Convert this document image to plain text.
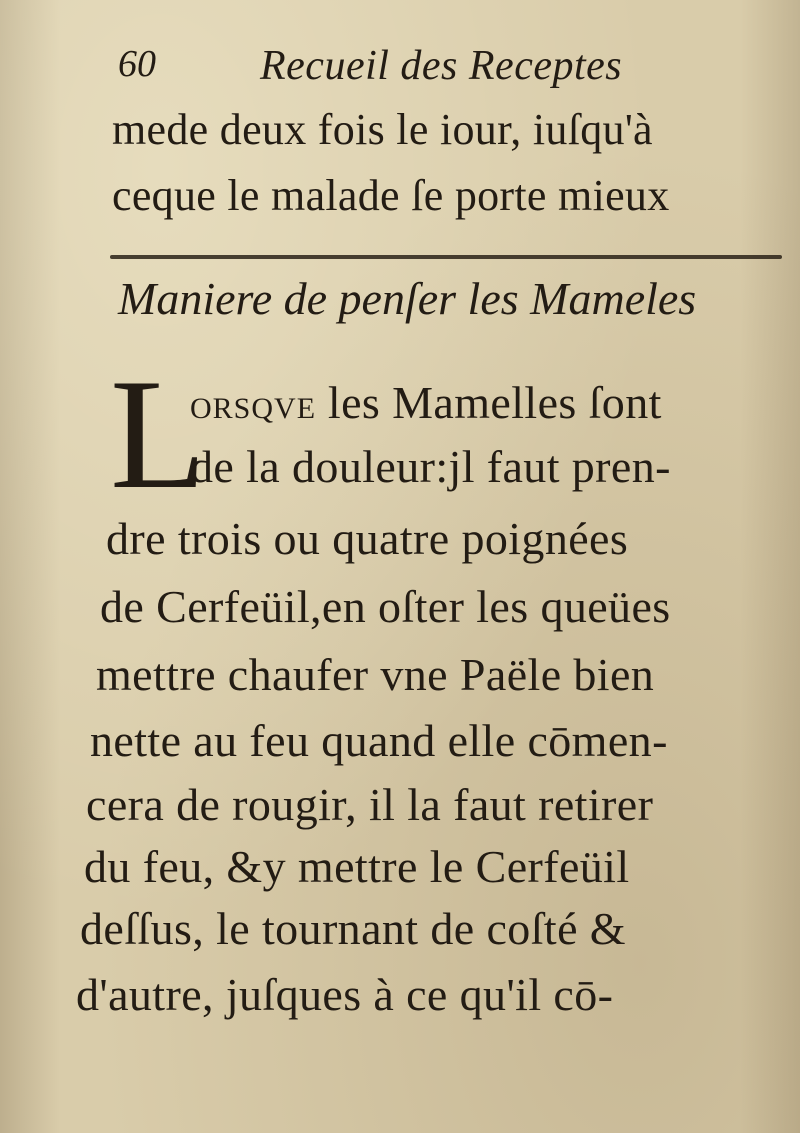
60 Recueil des Receptes
mede deux fois le iour, iuſqu'à
ceque le malade ſe porte mieux
Maniere de penſer les Mameles
L
ORSQVE les Mamelles ſont
de la douleur:jl faut pren-
dre trois ou quatre poignées
de Cerfeüil,en oſter les queües
mettre chaufer vne Paële bien
nette au feu quand elle cōmen-
cera de rougir, il la faut retirer
du feu, &y mettre le Cerfeüil
deſſus, le tournant de coſté &
d'autre, juſques à ce qu'il cō-
